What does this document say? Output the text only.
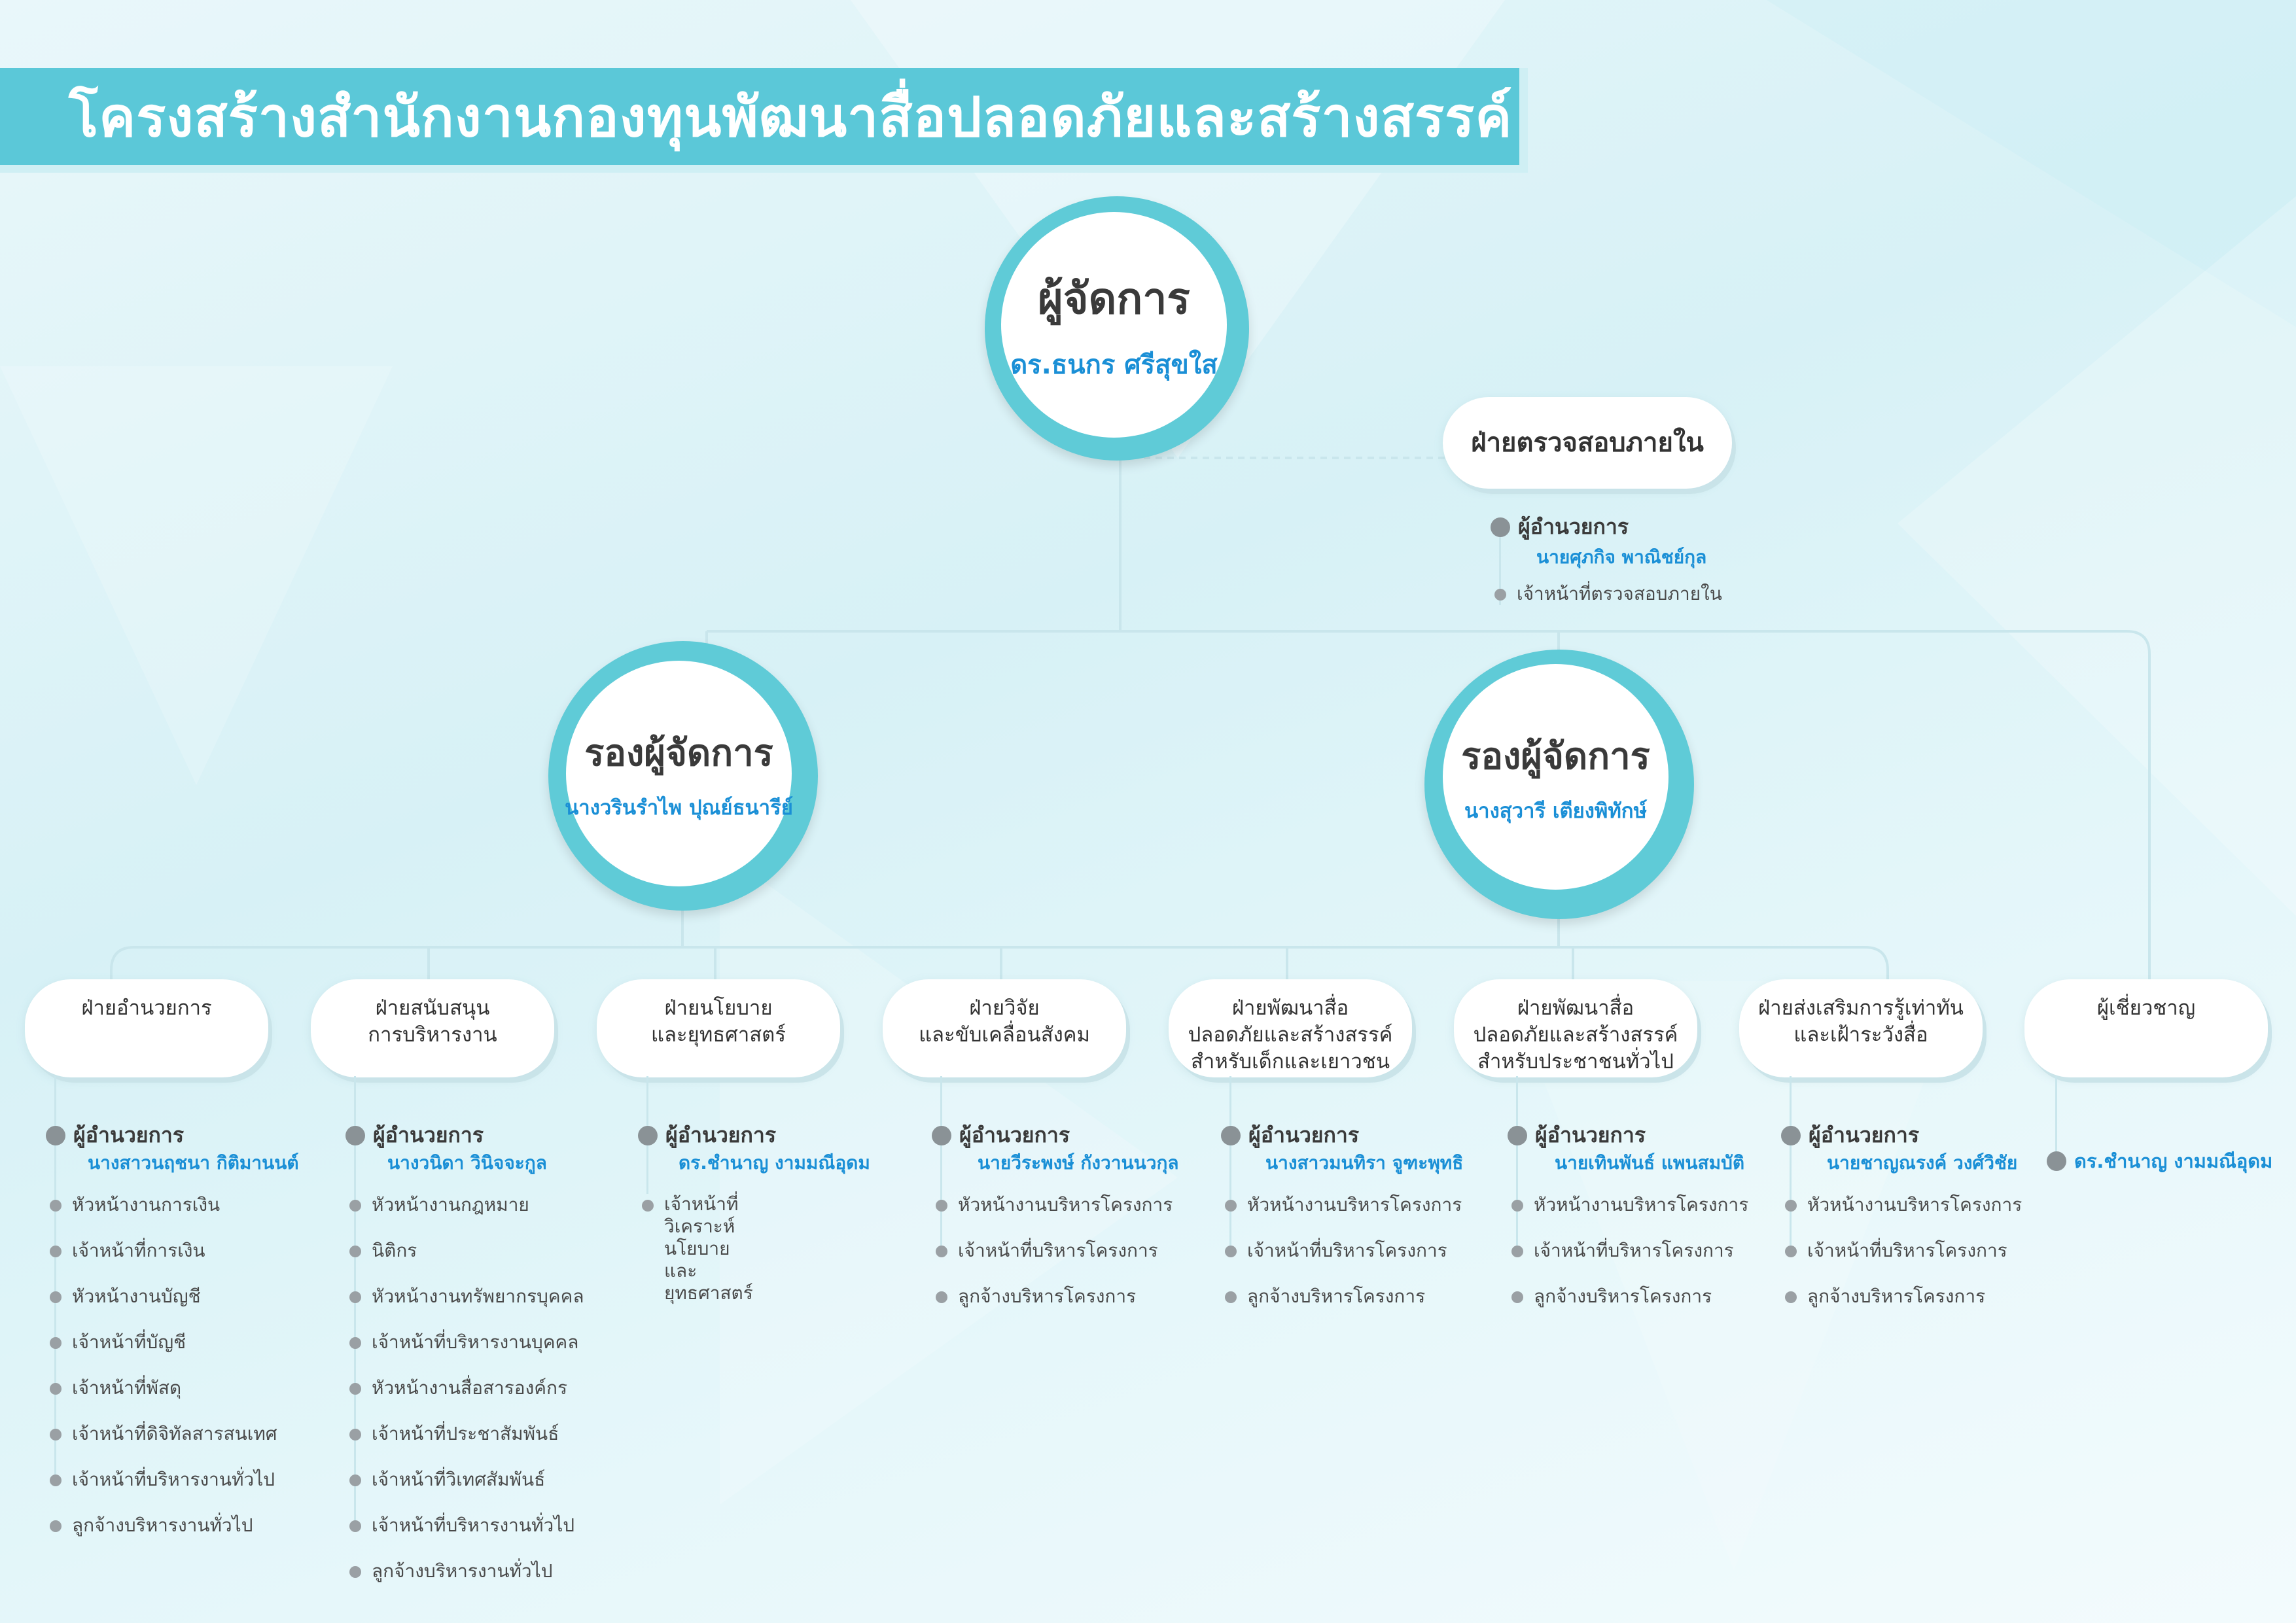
โครงสร้างสำนักงานกองทุนพัฒนาสื่อปลอดภัยและสร้างสรรค์
ผู้จัดการ
ดร.ธนกร ศรีสุขใส
ฝ่ายตรวจสอบภายใน
ผู้อำนวยการ
นายศุภกิจ พาณิชย์กุล
เจ้าหน้าที่ตรวจสอบภายใน
รองผู้จัดการ
นางวรินรำไพ ปุณย์ธนารีย์
รองผู้จัดการ
นางสุวารี เตียงพิทักษ์
ฝ่ายอำนวยการ	ฝ่ายสนับสนุน
การบริหารงาน
ฝ่ายนโยบาย
และยุทธศาสตร์
ฝ่ายวิจัย
และขับเคลื่อนสังคม
ฝ่ายพัฒนาสื่อ
ปลอดภัยและสร้างสรรค์
สำหรับเด็กและเยาวชน
ฝ่ายพัฒนาสื่อ
ปลอดภัยและสร้างสรรค์
สำหรับประชาชนทั่วไป
ฝ่ายส่งเสริมการรู้เท่าทัน
และเฝ้าระวังสื่อ
ผู้เชี่ยวชาญ
ผู้อำนวยการ
นางสาวนฤชนา กิติมานนต์
หัวหน้างานการเงิน
เจ้าหน้าที่การเงิน
หัวหน้างานบัญชี
เจ้าหน้าที่บัญชี
เจ้าหน้าที่พัสดุ
เจ้าหน้าที่ดิจิทัลสารสนเทศ
เจ้าหน้าที่บริหารงานทั่วไป
ลูกจ้างบริหารงานทั่วไป
ผู้อำนวยการ
นางวนิดา วินิจจะกูล
หัวหน้างานกฎหมาย
นิติกร
หัวหน้างานทรัพยากรบุคคล
เจ้าหน้าที่บริหารงานบุคคล
หัวหน้างานสื่อสารองค์กร
เจ้าหน้าที่ประชาสัมพันธ์
เจ้าหน้าที่วิเทศสัมพันธ์
เจ้าหน้าที่บริหารงานทั่วไป
ลูกจ้างบริหารงานทั่วไป
ผู้อำนวยการ
ดร.ชำนาญ งามมณีอุดม
เจ้าหน้าที่วิเคราะห์นโยบาย
และยุทธศาสตร์
ผู้อำนวยการ
นายวีระพงษ์ กังวานนวกุล
หัวหน้างานบริหารโครงการ
เจ้าหน้าที่บริหารโครงการ
ลูกจ้างบริหารโครงการ
ผู้อำนวยการ
นางสาวมนทิรา จูฑะพุทธิ
หัวหน้างานบริหารโครงการ
เจ้าหน้าที่บริหารโครงการ
ลูกจ้างบริหารโครงการ
ผู้อำนวยการ
นายเทินพันธ์ แพนสมบัติ
หัวหน้างานบริหารโครงการ
เจ้าหน้าที่บริหารโครงการ
ลูกจ้างบริหารโครงการ
ผู้อำนวยการ
นายชาญณรงค์ วงศ์วิชัย
หัวหน้างานบริหารโครงการ
เจ้าหน้าที่บริหารโครงการ
ลูกจ้างบริหารโครงการ
ดร.ชำนาญ งามมณีอุดม
